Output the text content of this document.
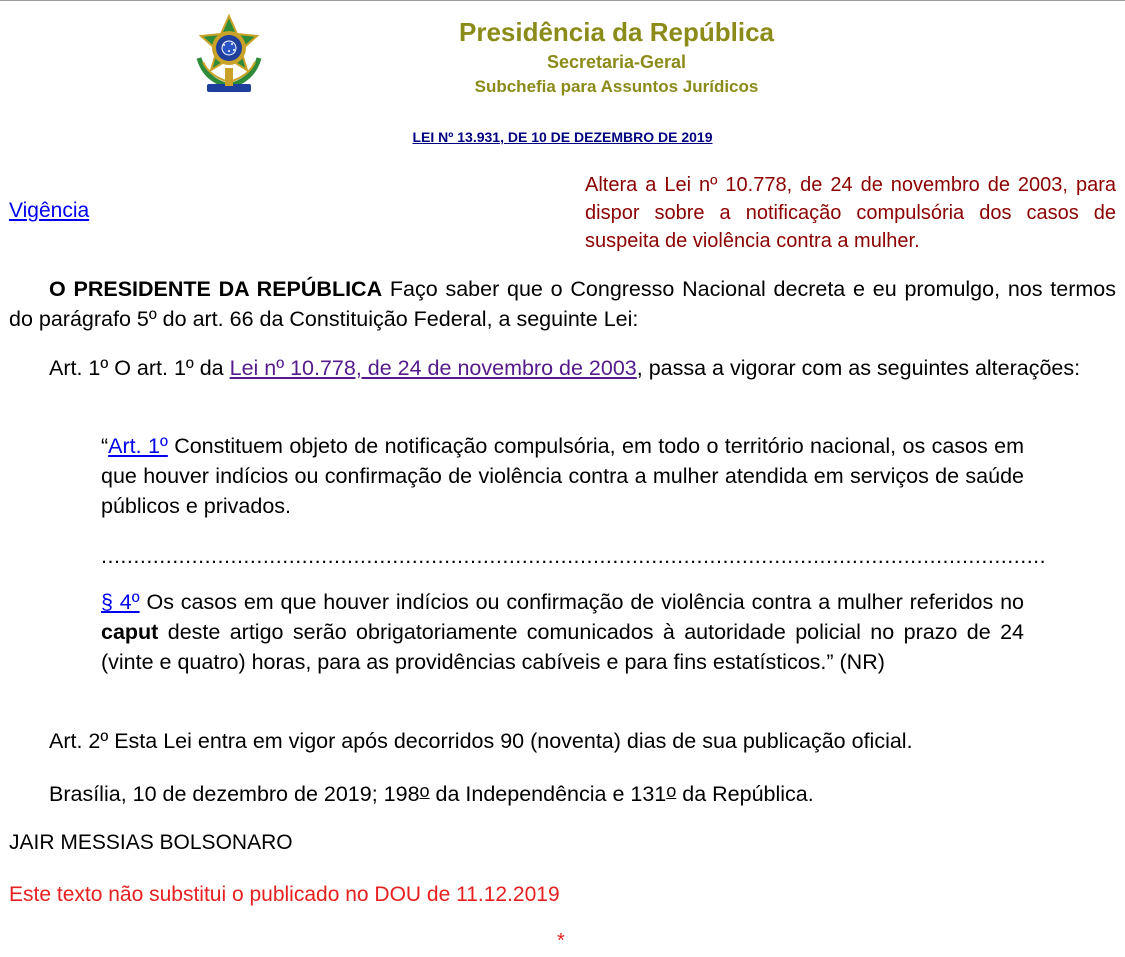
Presidência da República
Secretaria-Geral
Subchefia para Assuntos Jurídicos
LEI Nº 13.931, DE 10 DE DEZEMBRO DE 2019
Vigência
Altera a Lei nº 10.778, de 24 de novembro de 2003, para dispor sobre a notificação compulsória dos casos de suspeita de violência contra a mulher.
O PRESIDENTE DA REPÚBLICA Faço saber que o Congresso Nacional decreta e eu promulgo, nos termos do parágrafo 5º do art. 66 da Constituição Federal, a seguinte Lei:
Art. 1º O art. 1º da Lei nº 10.778, de 24 de novembro de 2003, passa a vigorar com as seguintes alterações:
“Art. 1º Constituem objeto de notificação compulsória, em todo o território nacional, os casos em que houver indícios ou confirmação de violência contra a mulher atendida em serviços de saúde públicos e privados.
..................................................................................................................................................
§ 4º Os casos em que houver indícios ou confirmação de violência contra a mulher referidos no caput deste artigo serão obrigatoriamente comunicados à autoridade policial no prazo de 24 (vinte e quatro) horas, para as providências cabíveis e para fins estatísticos.” (NR)
Art. 2º Esta Lei entra em vigor após decorridos 90 (noventa) dias de sua publicação oficial.
Brasília, 10 de dezembro de 2019; 198o da Independência e 131o da República.
JAIR MESSIAS BOLSONARO
Este texto não substitui o publicado no DOU de 11.12.2019
*
